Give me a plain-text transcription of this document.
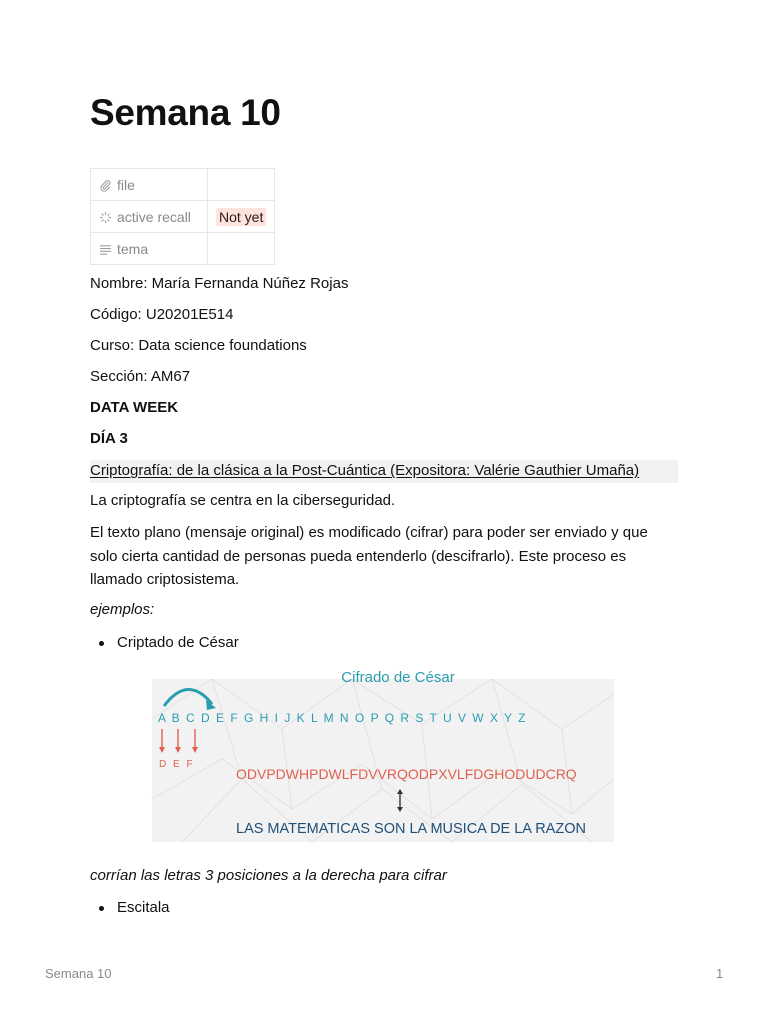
Semana 10
file	
active recall	Not yet
tema	

Nombre: María Fernanda Núñez Rojas

Código: U20201E514

Curso: Data science foundations

Sección: AM67

DATA WEEK

DÍA 3

Criptografía: de la clásica a la Post-Cuántica (Expositora: Valérie Gauthier Umaña)

La criptografía se centra en la ciberseguridad.

El texto plano (mensaje original) es modificado (cifrar) para poder ser enviado y que solo cierta cantidad de personas pueda entenderlo (descifrarlo). Este proceso es llamado criptosistema.

ejemplos:

Criptado de César
Cifrado de César
A B C D E F G H I J K L M N O P Q R S T U V W X Y Z
D E F
ODVPDWHPDWLFDVVRQODPXVLFDGHODUDCRQ
LAS MATEMATICAS SON LA MUSICA DE LA RAZON

corrían las letras 3 posiciones a la derecha para cifrar

Escitala
Semana 10	1
